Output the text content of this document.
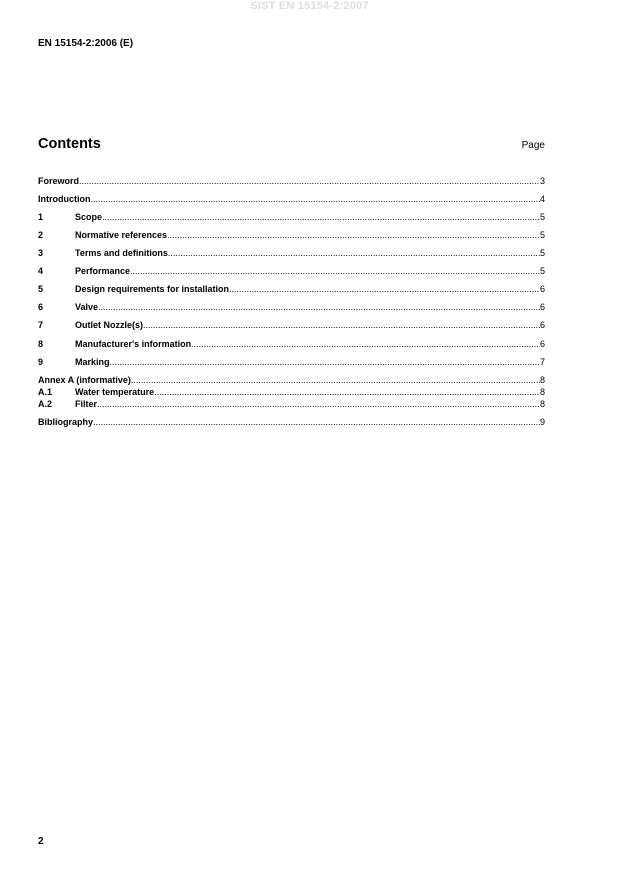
SIST EN 15154-2:2007
EN 15154-2:2006 (E)
Contents	Page
Foreword .....	3
Introduction .....	4
1	Scope .....	5
2	Normative references .....	5
3	Terms and definitions .....	5
4	Performance .....	5
5	Design requirements for installation .....	6
6	Valve .....	6
7	Outlet Nozzle(s) .....	6
8	Manufacturer's information .....	6
9	Marking .....	7
Annex A (informative) .....	8
A.1	Water temperature .....	8
A.2	Filter .....	8
Bibliography .....	9
2
